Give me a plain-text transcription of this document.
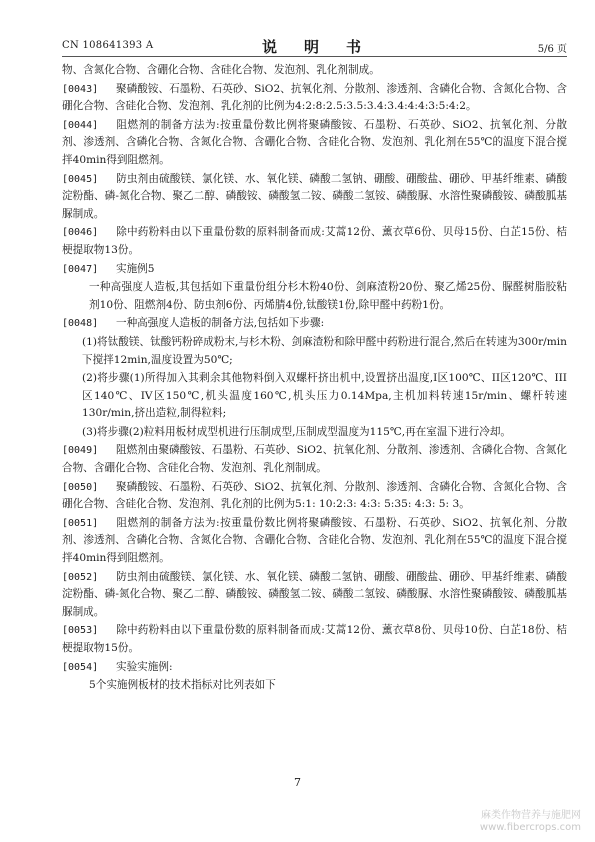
CN 108641393 A	说　明　书	5/6 页
物、含氮化合物、含硼化合物、含硅化合物、发泡剂、乳化剂制成。
[0043] 聚磷酸铵、石墨粉、石英砂、SiO2、抗氧化剂、分散剂、渗透剂、含磷化合物、含氮化合物、含硼化合物、含硅化合物、发泡剂、乳化剂的比例为4:2:8:2.5:3.5:3.4:3.4:4:4:3:5:4:2。
[0044] 阻燃剂的制备方法为:按重量份数比例将聚磷酸铵、石墨粉、石英砂、SiO2、抗氧化剂、分散剂、渗透剂、含磷化合物、含氮化合物、含硼化合物、含硅化合物、发泡剂、乳化剂在55℃的温度下混合搅拌40min得到阻燃剂。
[0045] 防虫剂由硫酸镁、氯化镁、水、氧化镁、磷酸二氢钠、硼酸、硼酸盐、硼砂、甲基纤维素、磷酸淀粉酯、磷-氮化合物、聚乙二醇、磷酸铵、磷酸氢二铵、磷酸二氢铵、磷酸脲、水溶性聚磷酸铵、磷酸胍基脲制成。
[0046] 除中药粉料由以下重量份数的原料制备而成:艾蒿12份、薰衣草6份、贝母15份、白芷15份、桔梗提取物13份。
[0047] 实施例5
一种高强度人造板,其包括如下重量份组分杉木粉40份、剑麻渣粉20份、聚乙烯25份、脲醛树脂胶粘剂10份、阻燃剂4份、防虫剂6份、丙烯腈4份,钛酸镁1份,除甲醛中药粉1份。
[0048] 一种高强度人造板的制备方法,包括如下步骤:
(1)将钛酸镁、钛酸钙粉碎成粉末,与杉木粉、剑麻渣粉和除甲醛中药粉进行混合,然后在转速为300r/min下搅拌12min,温度设置为50℃;
(2)将步骤(1)所得加入其剩余其他物料倒入双螺杆挤出机中,设置挤出温度,I区100℃、II区120℃、III区140℃、IV区150℃,机头温度160℃,机头压力0.14Mpa,主机加料转速15r/min、螺杆转速130r/min,挤出造粒,制得粒料;
(3)将步骤(2)粒料用板材成型机进行压制成型,压制成型温度为115℃,再在室温下进行冷却。
[0049] 阻燃剂由聚磷酸铵、石墨粉、石英砂、SiO2、抗氧化剂、分散剂、渗透剂、含磷化合物、含氮化合物、含硼化合物、含硅化合物、发泡剂、乳化剂制成。
[0050] 聚磷酸铵、石墨粉、石英砂、SiO2、抗氧化剂、分散剂、渗透剂、含磷化合物、含氮化合物、含硼化合物、含硅化合物、发泡剂、乳化剂的比例为5:1: 10:2:3: 4:3: 5:35: 4:3: 5: 3。
[0051] 阻燃剂的制备方法为:按重量份数比例将聚磷酸铵、石墨粉、石英砂、SiO2、抗氧化剂、分散剂、渗透剂、含磷化合物、含氮化合物、含硼化合物、含硅化合物、发泡剂、乳化剂在55℃的温度下混合搅拌40min得到阻燃剂。
[0052] 防虫剂由硫酸镁、氯化镁、水、氧化镁、磷酸二氢钠、硼酸、硼酸盐、硼砂、甲基纤维素、磷酸淀粉酯、磷-氮化合物、聚乙二醇、磷酸铵、磷酸氢二铵、磷酸二氢铵、磷酸脲、水溶性聚磷酸铵、磷酸胍基脲制成。
[0053] 除中药粉料由以下重量份数的原料制备而成:艾蒿12份、薰衣草8份、贝母10份、白芷18份、桔梗提取物15份。
[0054] 实验实施例:
5个实施例板材的技术指标对比列表如下
7
麻类作物营养与施肥网
www.fibercrops.com
